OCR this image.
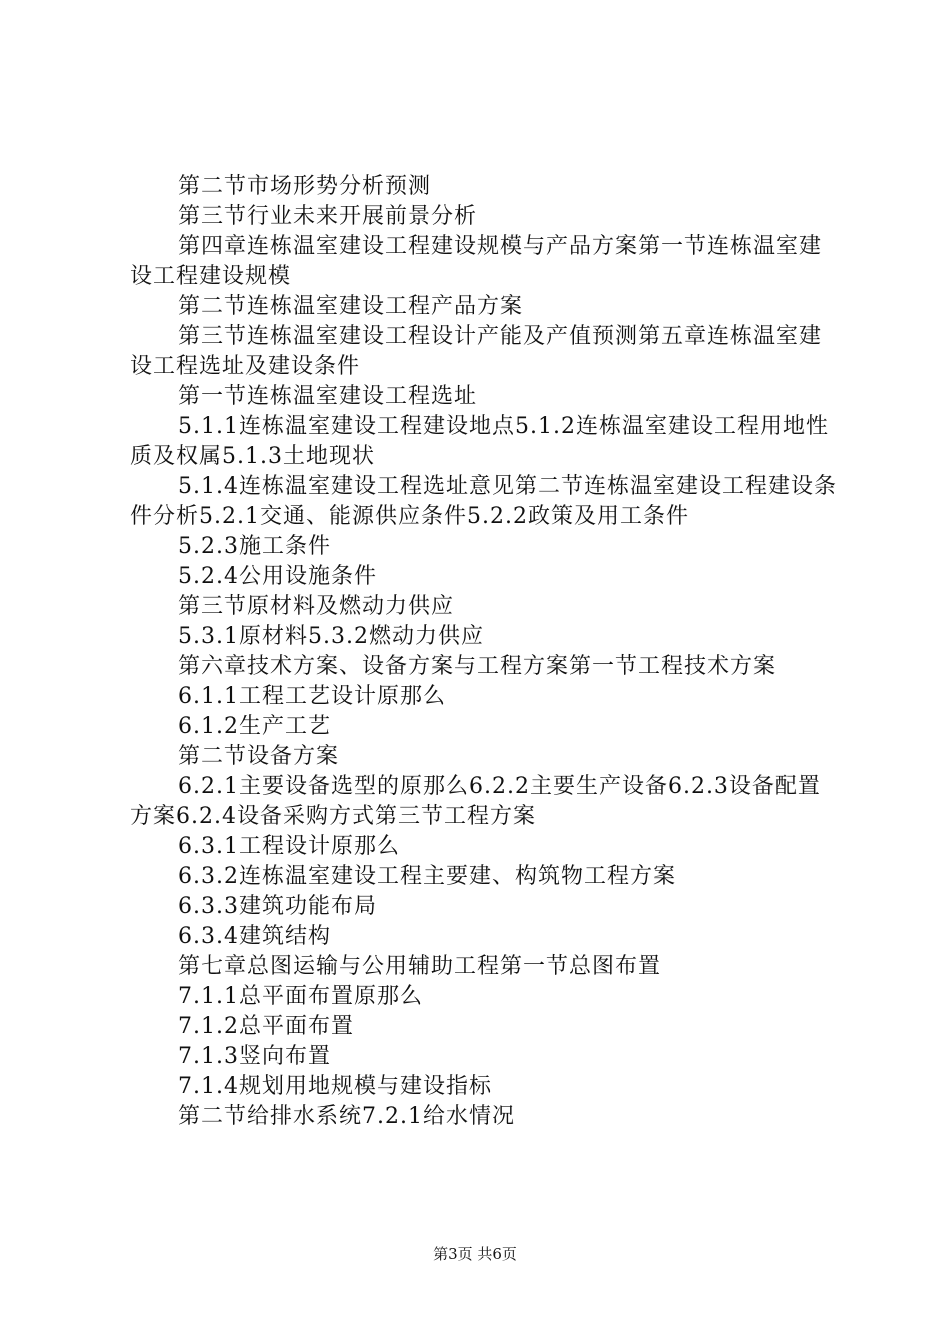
第二节市场形势分析预测

第三节行业未来开展前景分析

第四章连栋温室建设工程建设规模与产品方案第一节连栋温室建设工程建设规模

第二节连栋温室建设工程产品方案

第三节连栋温室建设工程设计产能及产值预测第五章连栋温室建设工程选址及建设条件

第一节连栋温室建设工程选址

5.1.1连栋温室建设工程建设地点5.1.2连栋温室建设工程用地性质及权属5.1.3土地现状

5.1.4连栋温室建设工程选址意见第二节连栋温室建设工程建设条件分析5.2.1交通、能源供应条件5.2.2政策及用工条件

5.2.3施工条件

5.2.4公用设施条件

第三节原材料及燃动力供应

5.3.1原材料5.3.2燃动力供应

第六章技术方案、设备方案与工程方案第一节工程技术方案

6.1.1工程工艺设计原那么

6.1.2生产工艺

第二节设备方案

6.2.1主要设备选型的原那么6.2.2主要生产设备6.2.3设备配置方案6.2.4设备采购方式第三节工程方案

6.3.1工程设计原那么

6.3.2连栋温室建设工程主要建、构筑物工程方案

6.3.3建筑功能布局

6.3.4建筑结构

第七章总图运输与公用辅助工程第一节总图布置

7.1.1总平面布置原那么

7.1.2总平面布置

7.1.3竖向布置

7.1.4规划用地规模与建设指标

第二节给排水系统7.2.1给水情况

第3页 共6页
